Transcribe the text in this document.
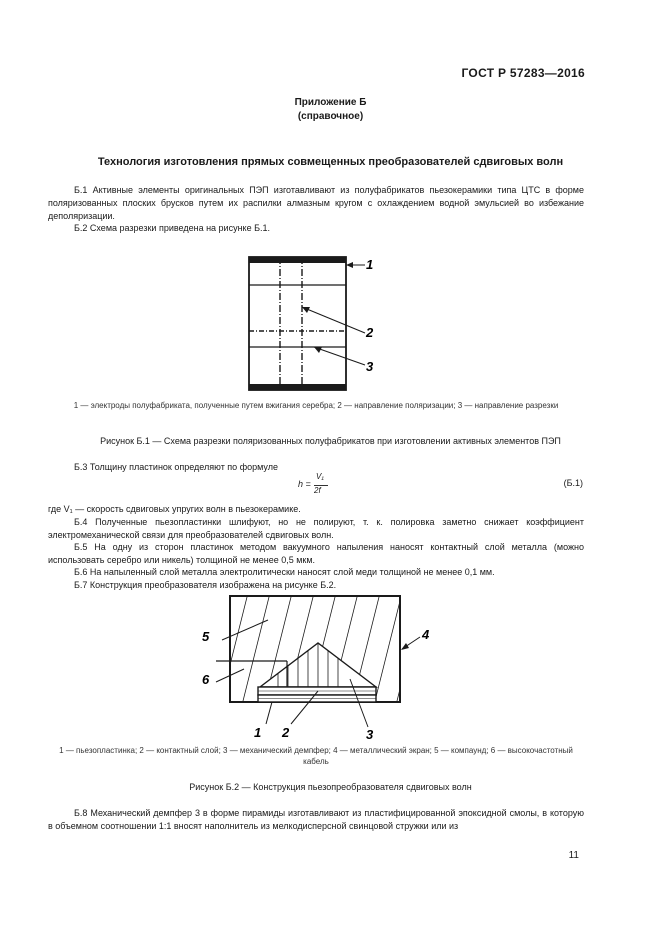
ГОСТ Р 57283—2016
Приложение Б
(справочное)
Технология изготовления прямых совмещенных преобразователей сдвиговых волн
Б.1 Активные элементы оригинальных ПЭП изготавливают из полуфабрикатов пьезокерамики типа ЦТС в форме поляризованных плоских брусков путем их распилки алмазным кругом с охлаждением водной эмульсией во избежание деполяризации.
Б.2 Схема разрезки приведена на рисунке Б.1.
1
2
3
1 — электроды полуфабриката, полученные путем вжигания серебра; 2 — направление поляризации; 3 — направление разрезки
Рисунок Б.1 — Схема разрезки поляризованных полуфабрикатов при изготовлении активных элементов ПЭП
Б.3 Толщину пластинок определяют по формуле
h =
V₁
2f
(Б.1)
где V₁ — скорость сдвиговых упругих волн в пьезокерамике.
Б.4 Полученные пьезопластинки шлифуют, но не полируют, т. к. полировка заметно снижает коэффициент электромеханической связи для преобразователей сдвиговых волн.
Б.5 На одну из сторон пластинок методом вакуумного напыления наносят контактный слой металла (можно использовать серебро или никель) толщиной не менее 0,5 мкм.
Б.6 На напыленный слой металла электролитически наносят слой меди толщиной не менее 0,1 мм.
Б.7 Конструкция преобразователя изображена на рисунке Б.2.
4
5
6
1 2	3
1 — пьезопластинка; 2 — контактный слой; 3 — механический демпфер; 4 — металлический экран; 5 — компаунд; 6 — высокочастотный кабель
Рисунок Б.2 — Конструкция пьезопреобразователя сдвиговых волн
Б.8 Механический демпфер 3 в форме пирамиды изготавливают из пластифицированной эпоксидной смолы, в которую в объемном соотношении 1:1 вносят наполнитель из мелкодисперсной свинцовой стружки или из
11
